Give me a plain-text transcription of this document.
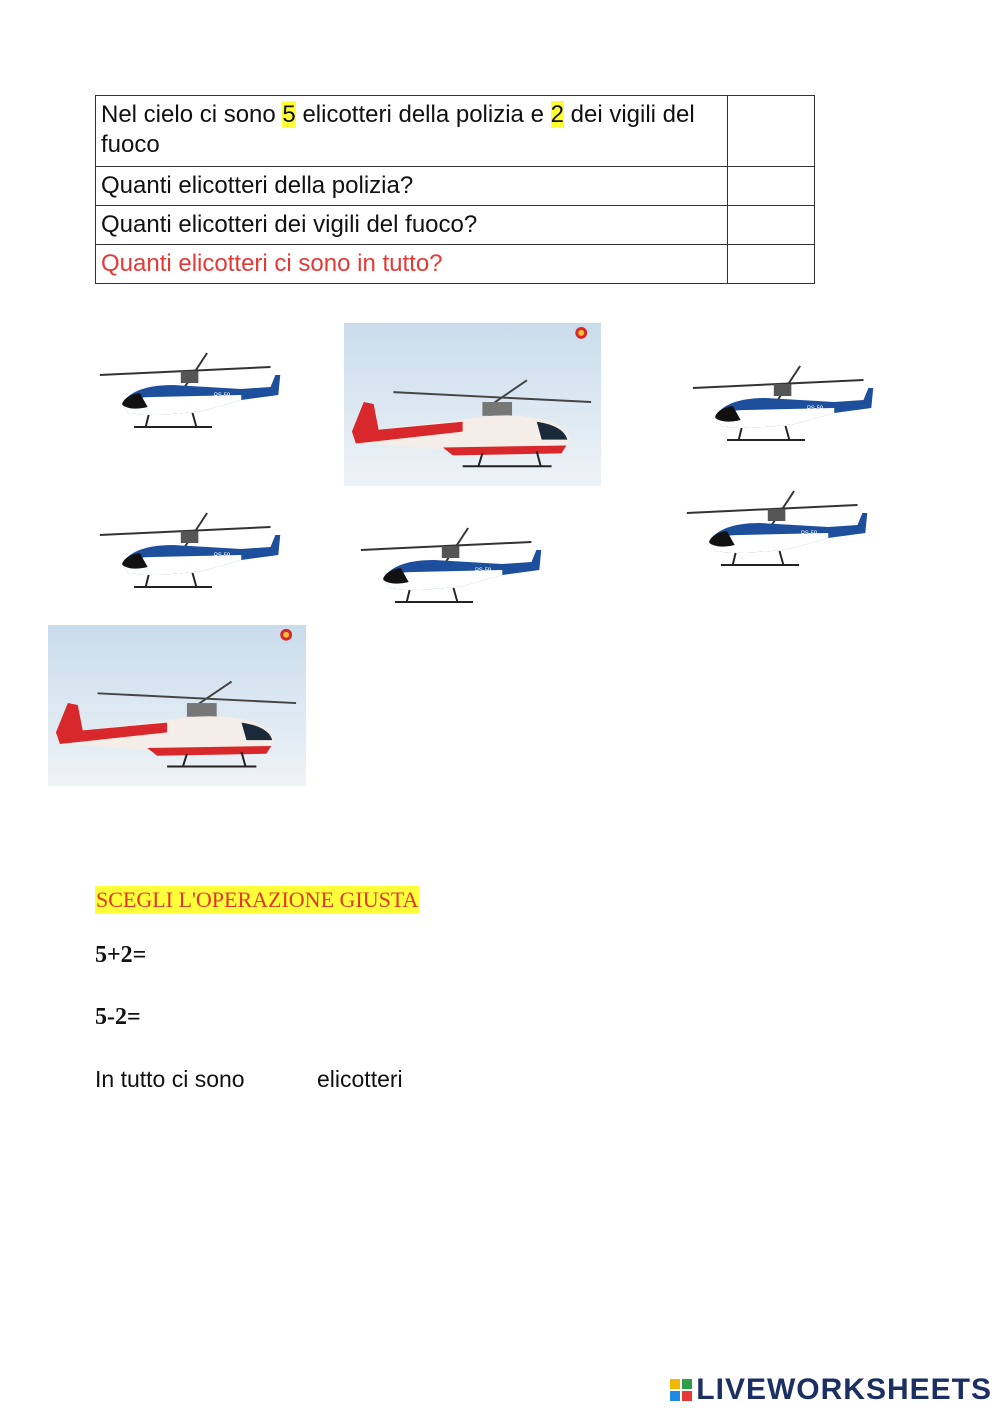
Nel cielo ci sono 5 elicotteri della polizia e 2 dei vigili del fuoco	
Quanti elicotteri della polizia?	
Quanti elicotteri dei vigili del fuoco?	
Quanti elicotteri ci sono in tutto?	
POLIZIA
PS-59
POLIZIA
PS-59
POLIZIA
PS-59
POLIZIA
PS-59
POLIZIA
PS-59
SCEGLI L'OPERAZIONE GIUSTA
5+2=
5-2=
In tutto ci sono	elicotteri
LIVEWORKSHEETS
